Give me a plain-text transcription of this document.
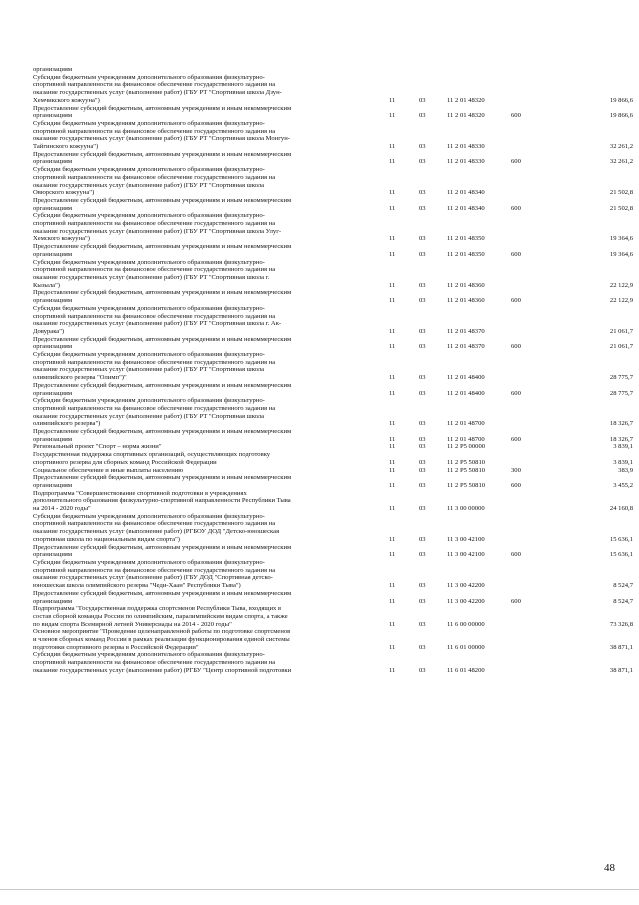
организациям
Субсидии бюджетным учреждениям дополнительного образования физкультурно-
спортивной направленности на финансовое обеспечение государственного задания на
оказание государственных услуг (выполнение работ) (ГБУ РТ "Спортивная школа Дзун-
Хемчикского кожууна")	11	03	11 2 01 48320	19 866,6
Предоставление субсидий бюджетным, автономным учреждениям и иным некоммерческим
организациям	11	03	11 2 01 48320	600	19 866,6
Субсидии бюджетным учреждениям дополнительного образования физкультурно-
спортивной направленности на финансовое обеспечение государственного задания на
оказание государственных услуг (выполнение работ) (ГБУ РТ "Спортивная школа Монгун-
Тайгинского кожууна")	11	03	11 2 01 48330	32 261,2
Предоставление субсидий бюджетным, автономным учреждениям и иным некоммерческим
организациям	11	03	11 2 01 48330	600	32 261,2
Субсидии бюджетным учреждениям дополнительного образования физкультурно-
спортивной направленности на финансовое обеспечение государственного задания на
оказание государственных услуг (выполнение работ) (ГБУ РТ "Спортивная школа
Овюрского кожууна")	11	03	11 2 01 48340	21 502,8
Предоставление субсидий бюджетным, автономным учреждениям и иным некоммерческим
организациям	11	03	11 2 01 48340	600	21 502,8
Субсидии бюджетным учреждениям дополнительного образования физкультурно-
спортивной направленности на финансовое обеспечение государственного задания на
оказание государственных услуг (выполнение работ) (ГБУ РТ "Спортивная школа Улуг-
Хемского кожууна")	11	03	11 2 01 48350	19 364,6
Предоставление субсидий бюджетным, автономным учреждениям и иным некоммерческим
организациям	11	03	11 2 01 48350	600	19 364,6
Субсидии бюджетным учреждениям дополнительного образования физкультурно-
спортивной направленности на финансовое обеспечение государственного задания на
оказание государственных услуг (выполнение работ) (ГБУ РТ "Спортивная школа г.
Кызыла")	11	03	11 2 01 48360	22 122,9
Предоставление субсидий бюджетным, автономным учреждениям и иным некоммерческим
организациям	11	03	11 2 01 48360	600	22 122,9
Субсидии бюджетным учреждениям дополнительного образования физкультурно-
спортивной направленности на финансовое обеспечение государственного задания на
оказание государственных услуг (выполнение работ) (ГБУ РТ "Спортивная школа г. Ак-
Довурака")	11	03	11 2 01 48370	21 061,7
Предоставление субсидий бюджетным, автономным учреждениям и иным некоммерческим
организациям	11	03	11 2 01 48370	600	21 061,7
Субсидии бюджетным учреждениям дополнительного образования физкультурно-
спортивной направленности на финансовое обеспечение государственного задания на
оказание государственных услуг (выполнение работ) (ГБУ РТ "Спортивная школа
олимпийского резерва "Олимп")"	11	03	11 2 01 48400	28 775,7
Предоставление субсидий бюджетным, автономным учреждениям и иным некоммерческим
организациям	11	03	11 2 01 48400	600	28 775,7
Субсидии бюджетным учреждениям дополнительного образования физкультурно-
спортивной направленности на финансовое обеспечение государственного задания на
оказание государственных услуг (выполнение работ) (ГБУ РТ "Спортивная школа
олимпийского резерва")	11	03	11 2 01 48700	18 326,7
Предоставление субсидий бюджетным, автономным учреждениям и иным некоммерческим
организациям	11	03	11 2 01 48700	600	18 326,7
Региональный проект "Спорт – норма жизни"	11	03	11 2 P5 00000	3 839,1
Государственная поддержка спортивных организаций, осуществляющих подготовку
спортивного резерва для сборных команд Российской Федерации	11	03	11 2 P5 50810	3 839,1
Социальное обеспечение и иные выплаты населению	11	03	11 2 P5 50810	300	383,9
Предоставление субсидий бюджетным, автономным учреждениям и иным некоммерческим
организациям	11	03	11 2 P5 50810	600	3 455,2
Подпрограмма "Совершенствование спортивной подготовки в учреждениях
дополнительного образования физкультурно-спортивной направленности Республики Тыва
на 2014 - 2020 годы"	11	03	11 3 00 00000	24 160,8
Субсидии бюджетным учреждениям дополнительного образования физкультурно-
спортивной направленности на финансовое обеспечение государственного задания на
оказание государственных услуг (выполнение работ) (РГБОУ ДОД "Детско-юношеская
спортивная школа по национальным видам спорта")	11	03	11 3 00 42100	15 636,1
Предоставление субсидий бюджетным, автономным учреждениям и иным некоммерческим
организациям	11	03	11 3 00 42100	600	15 636,1
Субсидии бюджетным учреждениям дополнительного образования физкультурно-
спортивной направленности на финансовое обеспечение государственного задания на
оказание государственных услуг (выполнение работ) (ГБУ ДОД "Спортивная детско-
юношеская школа олимпийского резерва "Чеди-Хаан" Республики Тыва")	11	03	11 3 00 42200	8 524,7
Предоставление субсидий бюджетным, автономным учреждениям и иным некоммерческим
организациям	11	03	11 3 00 42200	600	8 524,7
Подпрограмма "Государственная поддержка спортсменов Республики Тыва, входящих в
состав сборной команды России по олимпийским, паралимпийским видам спорта, а также
по видам спорта Всемирной летней Универсиады на 2014 - 2020 годы"	11	03	11 6 00 00000	73 326,8
Основное мероприятие "Проведение целенаправленной работы по подготовке спортсменов
и членов сборных команд России в рамках реализации функционирования единой системы
подготовки спортивного резерва в Российской Федерации"	11	03	11 6 01 00000	38 871,1
Субсидии бюджетным учреждениям дополнительного образования физкультурно-
спортивной направленности на финансовое обеспечение государственного задания на
оказание государственных услуг (выполнение работ) (РГБУ "Центр спортивной подготовки	11	03	11 6 01 48200	38 871,1
48
